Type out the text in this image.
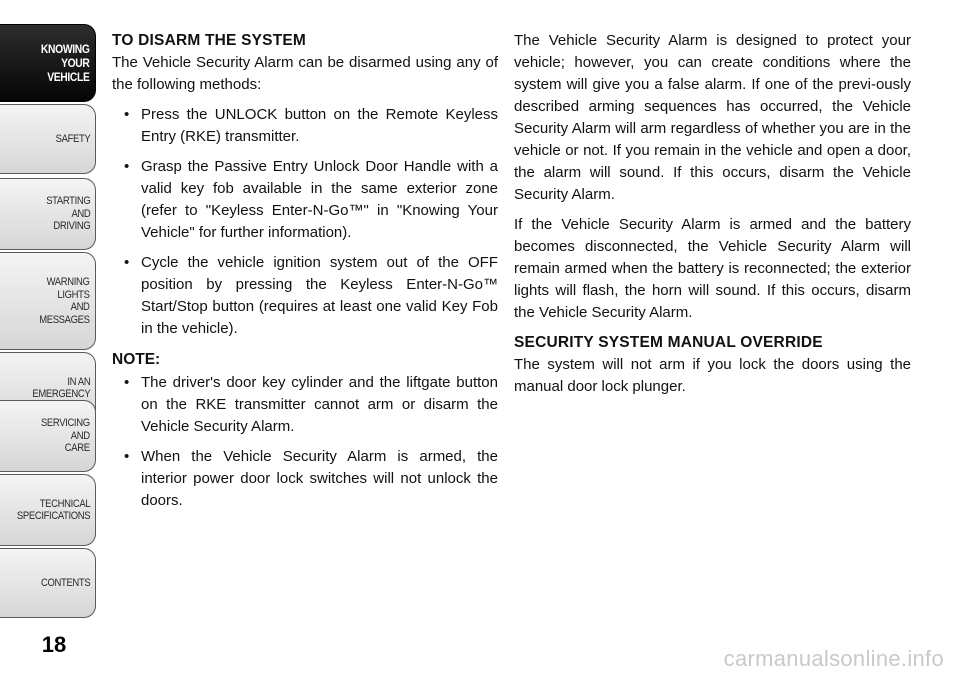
KNOWING
YOUR
VEHICLE
SAFETY
STARTING
AND
DRIVING
WARNING
LIGHTS
AND
MESSAGES
IN AN
EMERGENCY
SERVICING
AND
CARE
TECHNICAL
SPECIFICATIONS
CONTENTS
18
TO DISARM THE SYSTEM

The Vehicle Security Alarm can be disarmed using any of the following methods:

• Press the UNLOCK button on the Remote Keyless Entry (RKE) transmitter.
• Grasp the Passive Entry Unlock Door Handle with a valid key fob available in the same exterior zone (refer to "Keyless Enter-N-Go™" in "Knowing Your Vehicle" for further information).
• Cycle the vehicle ignition system out of the OFF position by pressing the Keyless Enter-N-Go™ Start/Stop button (requires at least one valid Key Fob in the vehicle).

NOTE:

• The driver's door key cylinder and the liftgate button on the RKE transmitter cannot arm or disarm the Vehicle Security Alarm.
• When the Vehicle Security Alarm is armed, the interior power door lock switches will not unlock the doors.

The Vehicle Security Alarm is designed to protect your vehicle; however, you can create conditions where the system will give you a false alarm. If one of the previ-ously described arming sequences has occurred, the Vehicle Security Alarm will arm regardless of whether you are in the vehicle or not. If you remain in the vehicle and open a door, the alarm will sound. If this occurs, disarm the Vehicle Security Alarm.

If the Vehicle Security Alarm is armed and the battery becomes disconnected, the Vehicle Security Alarm will remain armed when the battery is reconnected; the exterior lights will flash, the horn will sound. If this occurs, disarm the Vehicle Security Alarm.

SECURITY SYSTEM MANUAL OVERRIDE

The system will not arm if you lock the doors using the manual door lock plunger.

carmanualsonline.info
